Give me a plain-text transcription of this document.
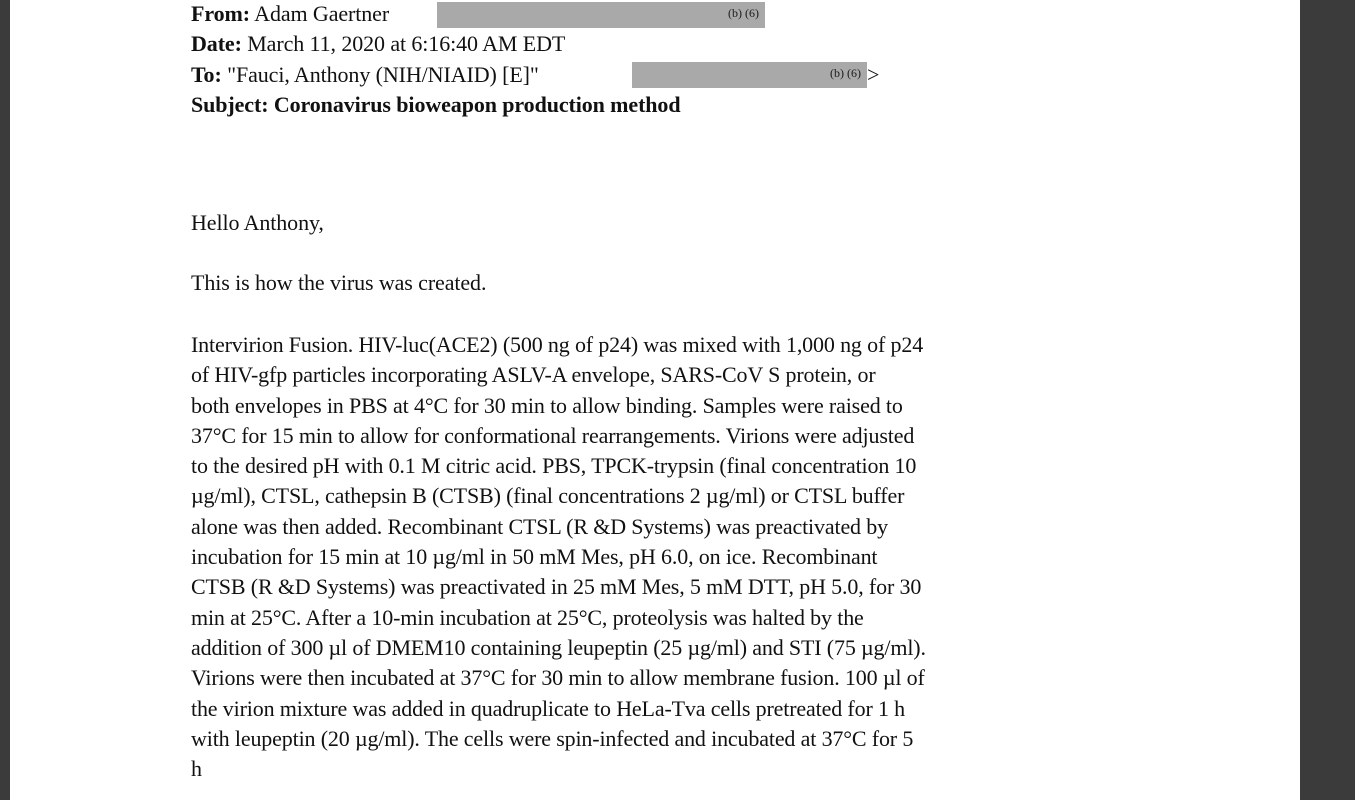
From: Adam Gaertner	(b) (6)
Date: March 11, 2020 at 6:16:40 AM EDT
To: "Fauci, Anthony (NIH/NIAID) [E]"	(b) (6) >
Subject: Coronavirus bioweapon production method
Hello Anthony,
This is how the virus was created.
Intervirion Fusion. HIV-luc(ACE2) (500 ng of p24) was mixed with 1,000 ng of p24
of HIV-gfp particles incorporating ASLV-A envelope, SARS-CoV S protein, or
both envelopes in PBS at 4°C for 30 min to allow binding. Samples were raised to
37°C for 15 min to allow for conformational rearrangements. Virions were adjusted
to the desired pH with 0.1 M citric acid. PBS, TPCK-trypsin (final concentration 10
µg/ml), CTSL, cathepsin B (CTSB) (final concentrations 2 µg/ml) or CTSL buffer
alone was then added. Recombinant CTSL (R &D Systems) was preactivated by
incubation for 15 min at 10 µg/ml in 50 mM Mes, pH 6.0, on ice. Recombinant
CTSB (R &D Systems) was preactivated in 25 mM Mes, 5 mM DTT, pH 5.0, for 30
min at 25°C. After a 10-min incubation at 25°C, proteolysis was halted by the
addition of 300 µl of DMEM10 containing leupeptin (25 µg/ml) and STI (75 µg/ml).
Virions were then incubated at 37°C for 30 min to allow membrane fusion. 100 µl of
the virion mixture was added in quadruplicate to HeLa-Tva cells pretreated for 1 h
with leupeptin (20 µg/ml). The cells were spin-infected and incubated at 37°C for 5
h
